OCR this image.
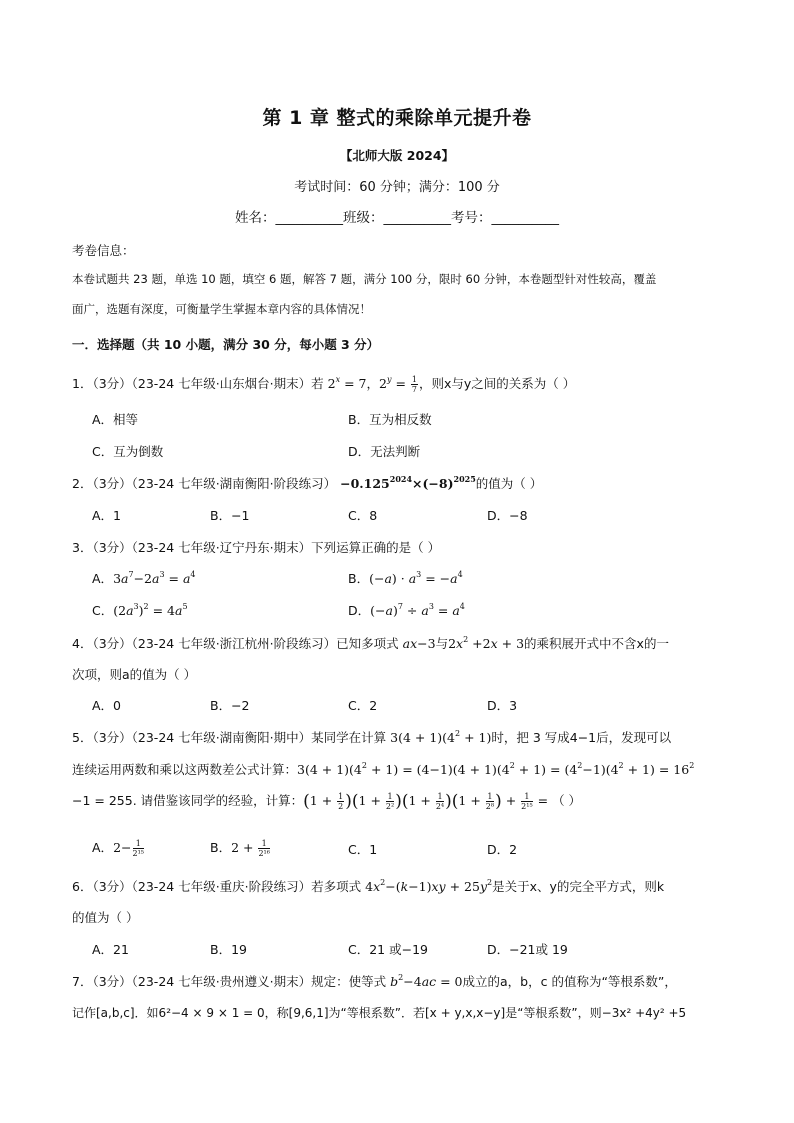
第 1 章 整式的乘除单元提升卷
【北师大版 2024】
考试时间：60 分钟；满分：100 分
姓名：__________班级：__________考号：__________
考卷信息：
本卷试题共 23 题，单选 10 题，填空 6 题，解答 7 题，满分 100 分，限时 60 分钟，本卷题型针对性较高，覆盖
面广，选题有深度，可衡量学生掌握本章内容的具体情况！
一．选择题（共 10 小题，满分 30 分，每小题 3 分）
1．（3分）（23-24 七年级·山东烟台·期末）若 $2^x = 7$，$2^y = \frac{1}{7}$ ，则x与y之间的关系为（ ）
A．相等	B．互为相反数
C．互为倒数	D．无法判断
2．（3分）（23-24 七年级·湖南衡阳·阶段练习） $-0.125^{2024}\times(-8)^{2025}$的值为（ ）
A．1	B．−1	C．8	D．−8
3．（3分）（23-24 七年级·辽宁丹东·期末）下列运算正确的是（ ）
A．$3a^7-2a^3 = a^4$	B．$(-a) \cdot a^3 = -a^4$
C．$(2a^3)^2 = 4a^5$	D．$(-a)^7 \div a^3 = a^4$
4．（3分）（23-24 七年级·浙江杭州·阶段练习）已知多项式 ax−3与$2x^2 +2x + 3$的乘积展开式中不含x的一
次项，则a的值为（ ）
A．0	B．−2	C．2	D．3
5．（3分）（23-24 七年级·湖南衡阳·期中）某同学在计算 $3(4 + 1)(4^2 + 1)$时，把 3 写成4−1后，发现可以
连续运用两数和乘以这两数差公式计算：$3(4 + 1)(4^2 + 1) = (4-1)(4 + 1)(4^2 + 1) = (4^2-1)(4^2 + 1) = 16^2$
−1 = 255. 请借鉴该同学的经验，计算：$(1 + \frac{1}{2} )(1 + \frac{1}{\text{2²}} )(1 + \frac{1}{\text{2⁴}} )(1 + \frac{1}{\text{2⁸}}$ ) + $\frac{1}{\text{2¹⁵}}$ = （ ）
A．$2- \frac{1}{\text{2¹⁵}}$	B．$2 + \frac{1}{\text{2¹⁶}}$	C．1	D．2
6．（3分）（23-24 七年级·重庆·阶段练习）若多项式 $4x^2-(k-1)xy + 25y^2$是关于x、y的完全平方式，则k
的值为（ ）
A．21	B．19	C．21 或−19	D．−21或 19
7．（3分）（23-24 七年级·贵州遵义·期末）规定：使等式 $b^2-4ac = 0$成立的a，b，c 的值称为“等根系数”，
记作[a,b,c]．如6²−4 × 9 × 1 = 0，称[9,6,1]为“等根系数”．若[x + y,x,x−y]是“等根系数”，则−3x² +4y² +5
